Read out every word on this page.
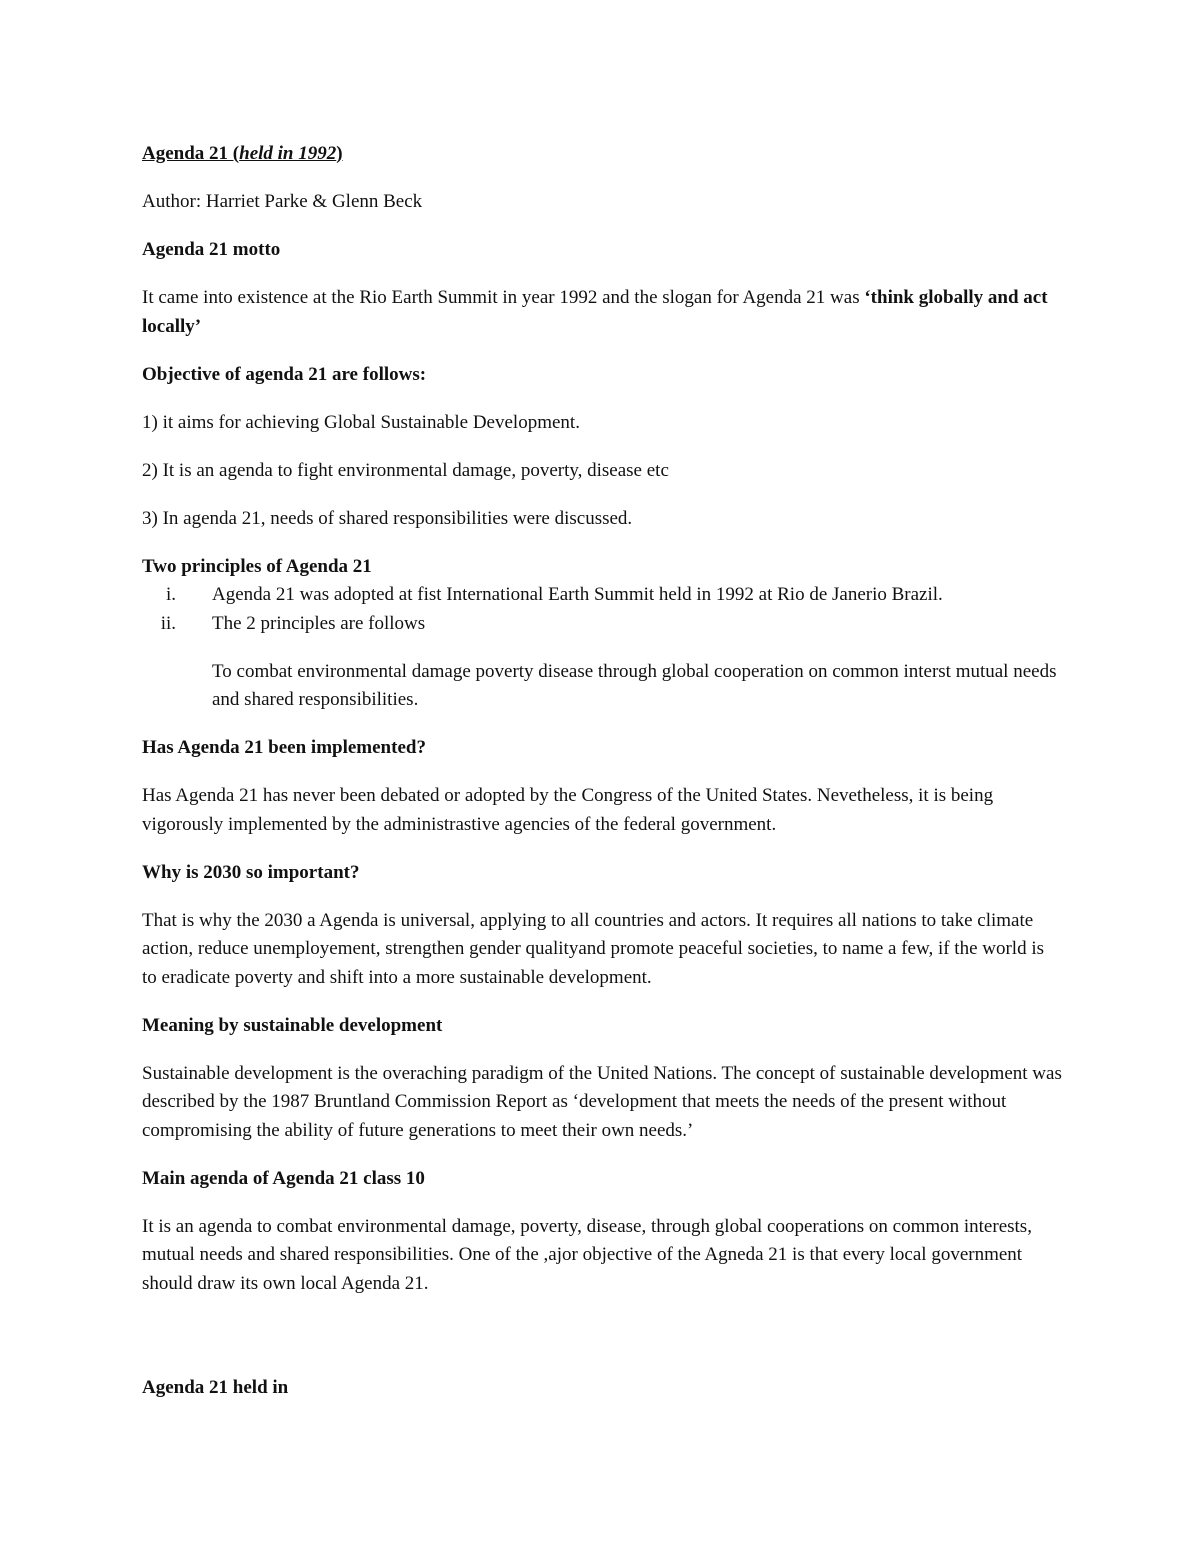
Agenda 21 (held in 1992)

Author: Harriet Parke & Glenn Beck

Agenda 21 motto

It came into existence at the Rio Earth Summit in year 1992 and the slogan for Agenda 21 was ‘think globally and act locally’

Objective of agenda 21 are follows:

1) it aims for achieving Global Sustainable Development.

2) It is an agenda to fight environmental damage, poverty, disease etc

3) In agenda 21, needs of shared responsibilities were discussed.

Two principles of Agenda 21

i. Agenda 21 was adopted at fist International Earth Summit held in 1992 at Rio de Janerio Brazil.
ii. The 2 principles are follows

To combat environmental damage poverty disease through global cooperation on common interst mutual needs and shared responsibilities.

Has Agenda 21 been implemented?

Has Agenda 21 has never been debated or adopted by the Congress of the United States. Nevetheless, it is being vigorously implemented by the administrastive agencies of the federal government.

Why is 2030 so important?

That is why the 2030 a Agenda is universal, applying to all countries and actors. It requires all nations to take climate action, reduce unemployement, strengthen gender qualityand promote peaceful societies, to name a few, if the world is to eradicate poverty and shift into a more sustainable development.

Meaning by sustainable development

Sustainable development is the overaching paradigm of the United Nations. The concept of sustainable development was described by the 1987 Bruntland Commission Report as ‘development that meets the needs of the present without compromising the ability of future generations to meet their own needs.’

Main agenda of Agenda 21 class 10

It is an agenda to combat environmental damage, poverty, disease, through global cooperations on common interests, mutual needs and shared responsibilities. One of the ,ajor objective of the Agneda 21 is that every local government should draw its own local Agenda 21.

Agenda 21 held in
